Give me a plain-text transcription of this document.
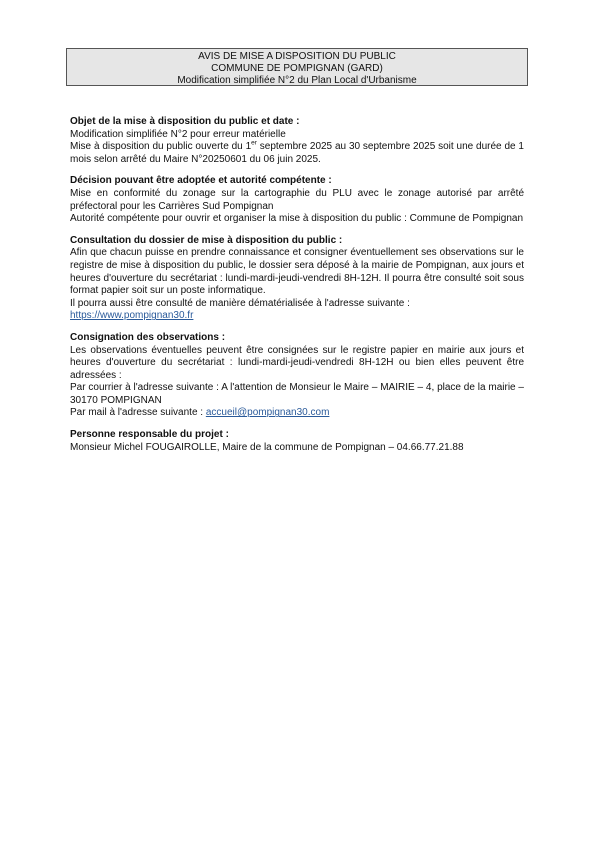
AVIS DE MISE A DISPOSITION DU PUBLIC
COMMUNE DE POMPIGNAN (GARD)
Modification simplifiée N°2 du Plan Local d'Urbanisme
Objet de la mise à disposition du public et date :
Modification simplifiée N°2 pour erreur matérielle
Mise à disposition du public ouverte du 1er septembre 2025 au 30 septembre 2025 soit une durée de 1 mois selon arrêté du Maire N°20250601 du 06 juin 2025.
Décision pouvant être adoptée et autorité compétente :
Mise en conformité du zonage sur la cartographie du PLU avec le zonage autorisé par arrêté préfectoral pour les Carrières Sud Pompignan
Autorité compétente pour ouvrir et organiser la mise à disposition du public : Commune de Pompignan
Consultation du dossier de mise à disposition du public :
Afin que chacun puisse en prendre connaissance et consigner éventuellement ses observations sur le registre de mise à disposition du public, le dossier sera déposé à la mairie de Pompignan, aux jours et heures d'ouverture du secrétariat : lundi-mardi-jeudi-vendredi 8H-12H. Il pourra être consulté soit sous format papier soit sur un poste informatique.
Il pourra aussi être consulté de manière dématérialisée à l'adresse suivante :
https://www.pompignan30.fr
Consignation des observations :
Les observations éventuelles peuvent être consignées sur le registre papier en mairie aux jours et heures d'ouverture du secrétariat : lundi-mardi-jeudi-vendredi 8H-12H ou bien elles peuvent être adressées :
Par courrier à l'adresse suivante : A l'attention de Monsieur le Maire – MAIRIE – 4, place de la mairie – 30170 POMPIGNAN
Par mail à l'adresse suivante : accueil@pompignan30.com
Personne responsable du projet :
Monsieur Michel FOUGAIROLLE, Maire de la commune de Pompignan – 04.66.77.21.88
